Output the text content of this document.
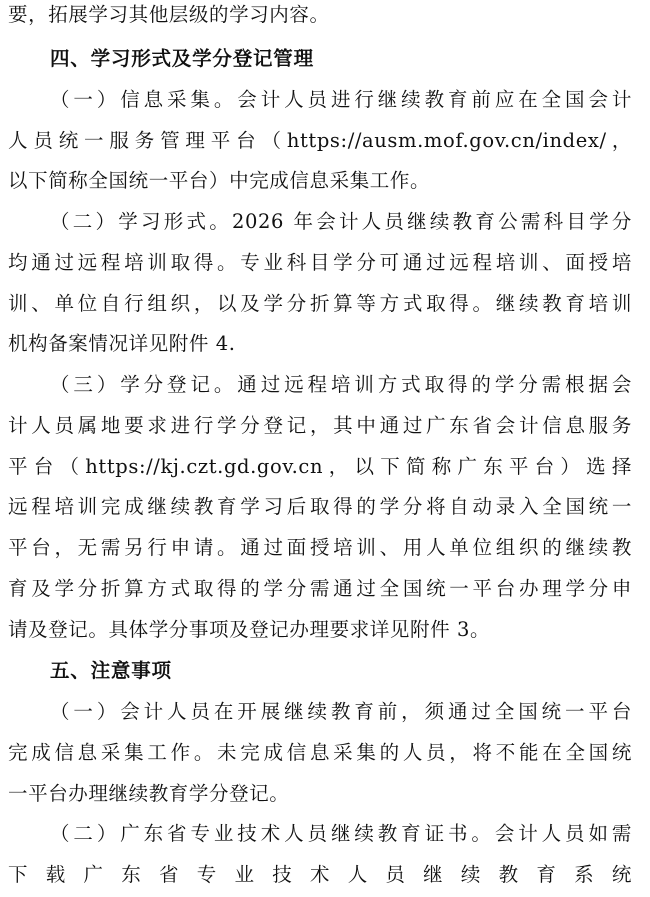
要，拓展学习其他层级的学习内容。
四、学习形式及学分登记管理
（一）信息采集。会计人员进行继续教育前应在全国会计
人员统一服务管理平台（https://ausm.mof.gov.cn/index/，
以下简称全国统一平台）中完成信息采集工作。
（二）学习形式。2026 年会计人员继续教育公需科目学分
均通过远程培训取得。专业科目学分可通过远程培训、面授培
训、单位自行组织，以及学分折算等方式取得。继续教育培训
机构备案情况详见附件 4.
（三）学分登记。通过远程培训方式取得的学分需根据会
计人员属地要求进行学分登记，其中通过广东省会计信息服务
平台（https://kj.czt.gd.gov.cn，以下简称广东平台）选择
远程培训完成继续教育学习后取得的学分将自动录入全国统一
平台，无需另行申请。通过面授培训、用人单位组织的继续教
育及学分折算方式取得的学分需通过全国统一平台办理学分申
请及登记。具体学分事项及登记办理要求详见附件 3。
五、注意事项
（一）会计人员在开展继续教育前，须通过全国统一平台
完成信息采集工作。未完成信息采集的人员，将不能在全国统
一平台办理继续教育学分登记。
（二）广东省专业技术人员继续教育证书。会计人员如需
下载广东省专业技术人员继续教育系统
